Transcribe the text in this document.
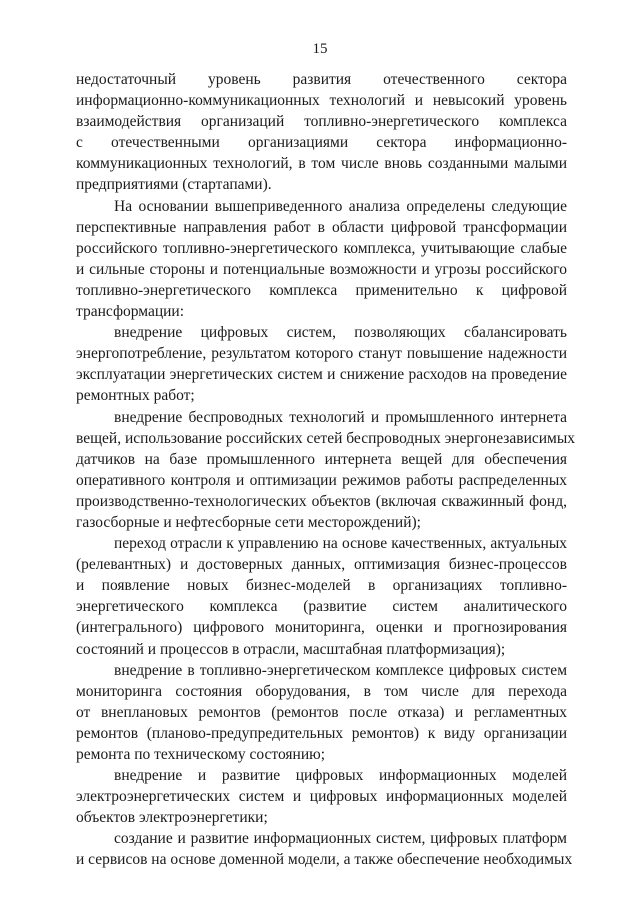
15
недостаточный уровень развития отечественного сектора
информационно-коммуникационных технологий и невысокий уровень
взаимодействия организаций топливно-энергетического комплекса
с отечественными организациями сектора информационно-
коммуникационных технологий, в том числе вновь созданными малыми
предприятиями (стартапами).
На основании вышеприведенного анализа определены следующие
перспективные направления работ в области цифровой трансформации
российского топливно-энергетического комплекса, учитывающие слабые
и сильные стороны и потенциальные возможности и угрозы российского
топливно-энергетического комплекса применительно к цифровой
трансформации:
внедрение цифровых систем, позволяющих сбалансировать
энергопотребление, результатом которого станут повышение надежности
эксплуатации энергетических систем и снижение расходов на проведение
ремонтных работ;
внедрение беспроводных технологий и промышленного интернета
вещей, использование российских сетей беспроводных энергонезависимых
датчиков на базе промышленного интернета вещей для обеспечения
оперативного контроля и оптимизации режимов работы распределенных
производственно-технологических объектов (включая скважинный фонд,
газосборные и нефтесборные сети месторождений);
переход отрасли к управлению на основе качественных, актуальных
(релевантных) и достоверных данных, оптимизация бизнес-процессов
и появление новых бизнес-моделей в организациях топливно-
энергетического комплекса (развитие систем аналитического
(интегрального) цифрового мониторинга, оценки и прогнозирования
состояний и процессов в отрасли, масштабная платформизация);
внедрение в топливно-энергетическом комплексе цифровых систем
мониторинга состояния оборудования, в том числе для перехода
от внеплановых ремонтов (ремонтов после отказа) и регламентных
ремонтов (планово-предупредительных ремонтов) к виду организации
ремонта по техническому состоянию;
внедрение и развитие цифровых информационных моделей
электроэнергетических систем и цифровых информационных моделей
объектов электроэнергетики;
создание и развитие информационных систем, цифровых платформ
и сервисов на основе доменной модели, а также обеспечение необходимых
